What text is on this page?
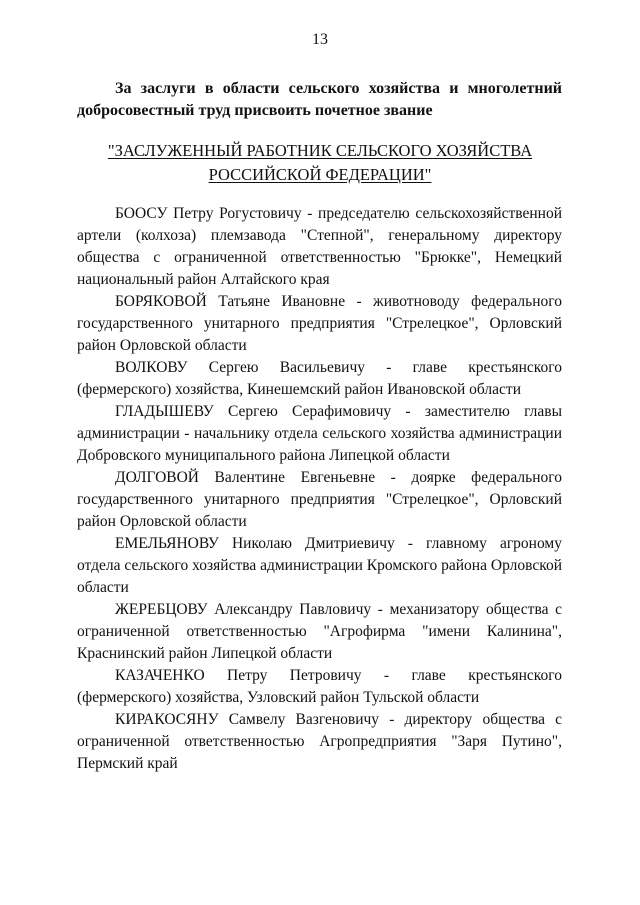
13
За заслуги в области сельского хозяйства и многолетний добросовестный труд присвоить почетное звание
"ЗАСЛУЖЕННЫЙ РАБОТНИК СЕЛЬСКОГО ХОЗЯЙСТВА
РОССИЙСКОЙ ФЕДЕРАЦИИ"

БООСУ Петру Рогустовичу - председателю сельскохозяйственной артели (колхоза) племзавода "Степной", генеральному директору общества с ограниченной ответственностью "Брюкке", Немецкий национальный район Алтайского края

БОРЯКОВОЙ Татьяне Ивановне - животноводу федерального государственного унитарного предприятия "Стрелецкое", Орловский район Орловской области

ВОЛКОВУ Сергею Васильевичу - главе крестьянского (фермерского) хозяйства, Кинешемский район Ивановской области

ГЛАДЫШЕВУ Сергею Серафимовичу - заместителю главы администрации - начальнику отдела сельского хозяйства администрации Добровского муниципального района Липецкой области

ДОЛГОВОЙ Валентине Евгеньевне - доярке федерального государственного унитарного предприятия "Стрелецкое", Орловский район Орловской области

ЕМЕЛЬЯНОВУ Николаю Дмитриевичу - главному агроному отдела сельского хозяйства администрации Кромского района Орловской области

ЖЕРЕБЦОВУ Александру Павловичу - механизатору общества с ограниченной ответственностью "Агрофирма "имени Калинина", Краснинский район Липецкой области

КАЗАЧЕНКО Петру Петровичу - главе крестьянского (фермерского) хозяйства, Узловский район Тульской области

КИРАКОСЯНУ Самвелу Вазгеновичу - директору общества с ограниченной ответственностью Агропредприятия "Заря Путино", Пермский край
